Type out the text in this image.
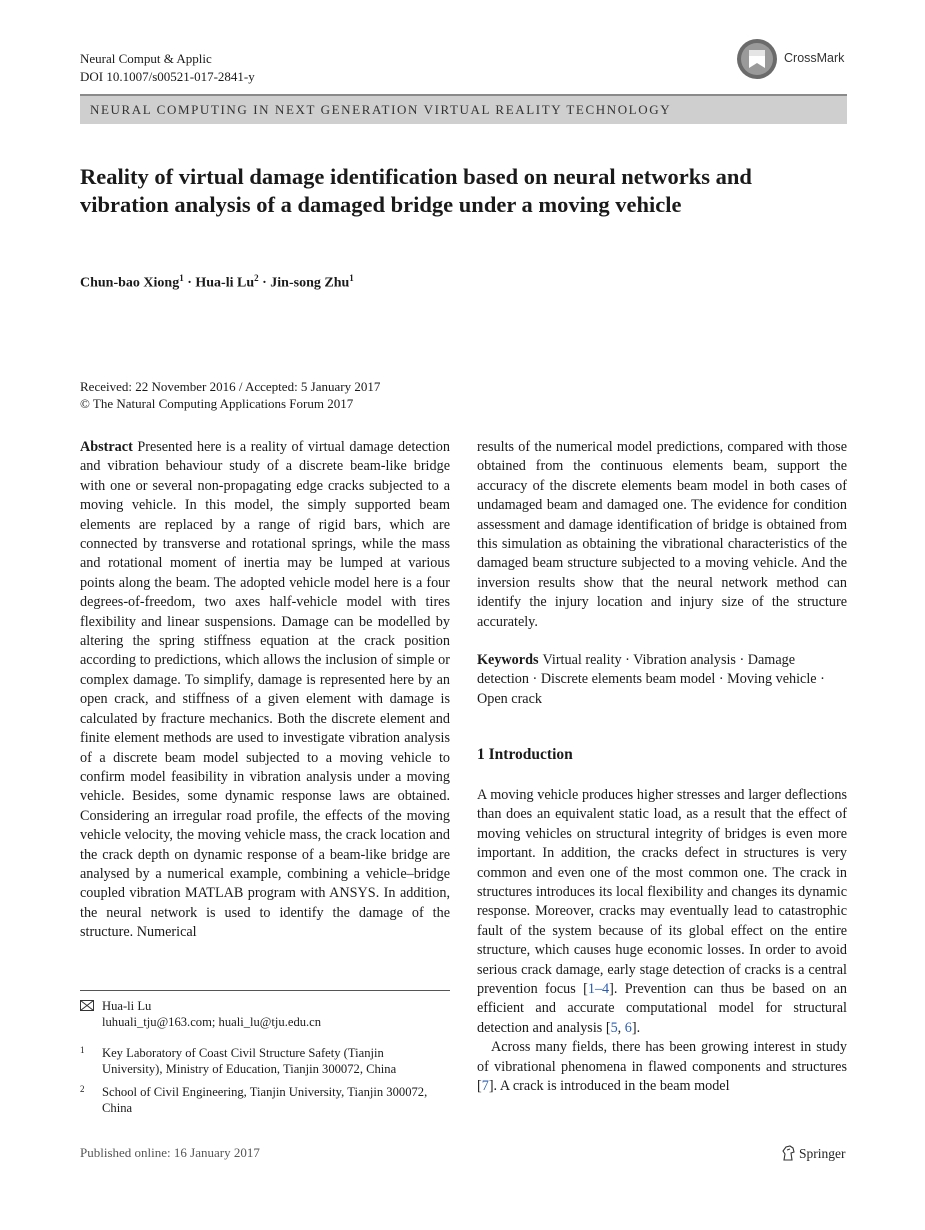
Neural Comput & Applic
DOI 10.1007/s00521-017-2841-y
CrossMark
NEURAL COMPUTING IN NEXT GENERATION VIRTUAL REALITY TECHNOLOGY
Reality of virtual damage identification based on neural networks and vibration analysis of a damaged bridge under a moving vehicle
Chun-bao Xiong$^1$ · Hua-li $Lu^2$ · Jin-song Zhu$^1$
Received: 22 November 2016 / Accepted: 5 January 2017
© The Natural Computing Applications Forum 2017

Abstract Presented here is a reality of virtual damage detection and vibration behaviour study of a discrete beam-like bridge with one or several non-propagating edge cracks subjected to a moving vehicle. In this model, the simply supported beam elements are replaced by a range of rigid bars, which are connected by transverse and rotational springs, while the mass and rotational moment of inertia may be lumped at various points along the beam. The adopted vehicle model here is a four degrees-of-freedom, two axes half-vehicle model with tires flexibility and linear suspensions. Damage can be modelled by altering the spring stiffness equation at the crack position according to predictions, which allows the inclusion of simple or complex damage. To simplify, damage is represented here by an open crack, and stiffness of a given element with damage is calculated by fracture mechanics. Both the discrete element and finite element methods are used to investigate vibration analysis of a discrete beam model subjected to a moving vehicle to confirm model feasibility in vibration analysis under a moving vehicle. Besides, some dynamic response laws are obtained. Considering an irregular road profile, the effects of the moving vehicle velocity, the moving vehicle mass, the crack location and the crack depth on dynamic response of a beam-like bridge are analysed by a numerical example, combining a vehicle–bridge coupled vibration MATLAB program with ANSYS. In addition, the neural network is used to identify the damage of the structure. Numerical

results of the numerical model predictions, compared with those obtained from the continuous elements beam, support the accuracy of the discrete elements beam model in both cases of undamaged beam and damaged one. The evidence for condition assessment and damage identification of bridge is obtained from this simulation as obtaining the vibrational characteristics of the damaged beam structure subjected to a moving vehicle. And the inversion results show that the neural network method can identify the injury location and injury size of the structure accurately.

Keywords Virtual reality · Vibration analysis · Damage detection · Discrete elements beam model · Moving vehicle · Open crack
1 Introduction

A moving vehicle produces higher stresses and larger deflections than does an equivalent static load, as a result that the effect of moving vehicles on structural integrity of bridges is even more important. In addition, the cracks defect in structures is very common and even one of the most common one. The crack in structures introduces its local flexibility and changes its dynamic response. Moreover, cracks may eventually lead to catastrophic fault of the system because of its global effect on the entire structure, which causes huge economic losses. In order to avoid serious crack damage, early stage detection of cracks is a central prevention focus [1–4]. Prevention can thus be based on an efficient and accurate computational model for structural detection and analysis [5, 6].

Across many fields, there has been growing interest in study of vibrational phenomena in flawed components and structures [7]. A crack is introduced in the beam model

Hua-li Lu
luhuali_tju@163.com; huali_lu@tju.edu.cn
1 Key Laboratory of Coast Civil Structure Safety (Tianjin University), Ministry of Education, Tianjin 300072, China
2 School of Civil Engineering, Tianjin University, Tianjin 300072, China
Published online: 16 January 2017	Springer
